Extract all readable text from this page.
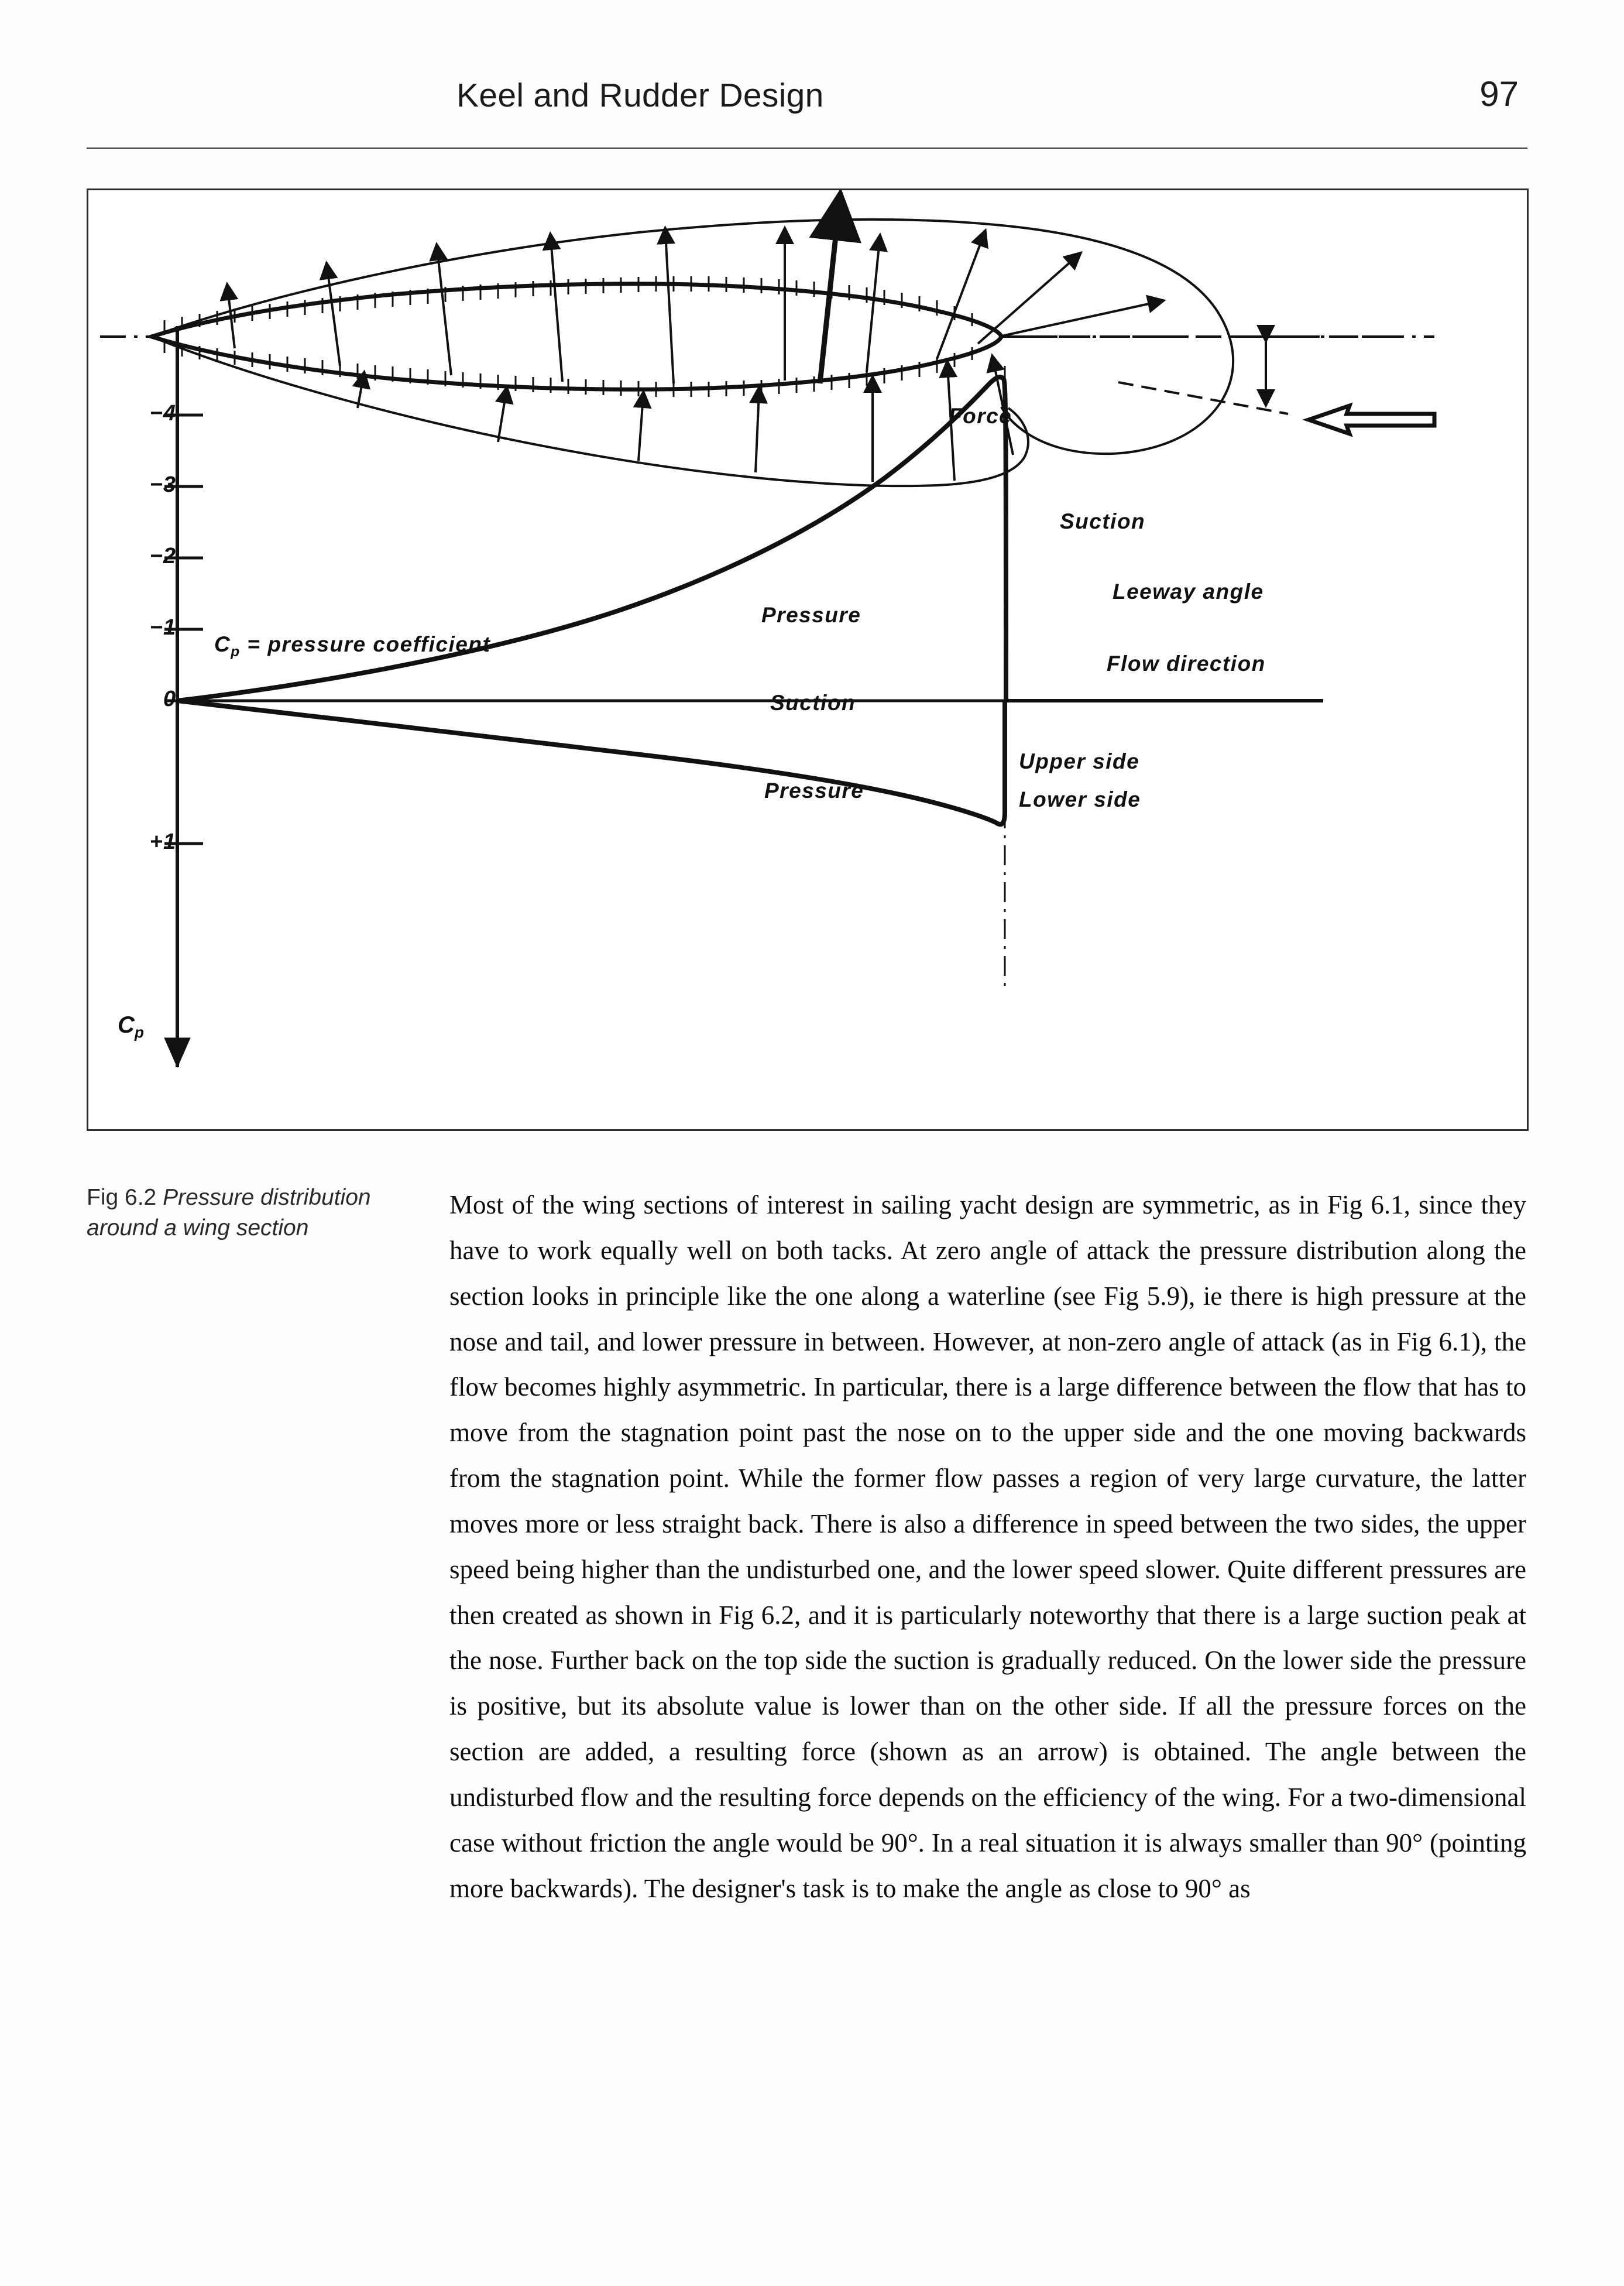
Keel and Rudder Design	97
−4
−3
−2
−1
0
+1
$C_p$
$C_p$ = pressure coefficient
Force
Suction
Pressure
Leeway angle
Flow direction
Suction
Pressure
Upper side
Lower side
Fig 6.2 Pressure distribution around a wing section

Most of the wing sections of interest in sailing yacht design are symmetric, as in Fig 6.1, since they have to work equally well on both tacks. At zero angle of attack the pressure distribution along the section looks in principle like the one along a waterline (see Fig 5.9), ie there is high pressure at the nose and tail, and lower pressure in between. However, at non-zero angle of attack (as in Fig 6.1), the flow becomes highly asymmetric. In particular, there is a large difference between the flow that has to move from the stagnation point past the nose on to the upper side and the one moving backwards from the stagnation point. While the former flow passes a region of very large curvature, the latter moves more or less straight back. There is also a difference in speed between the two sides, the upper speed being higher than the undisturbed one, and the lower speed slower. Quite different pressures are then created as shown in Fig 6.2, and it is particularly noteworthy that there is a large suction peak at the nose. Further back on the top side the suction is gradually reduced. On the lower side the pressure is positive, but its absolute value is lower than on the other side. If all the pressure forces on the section are added, a resulting force (shown as an arrow) is obtained. The angle between the undisturbed flow and the resulting force depends on the efficiency of the wing. For a two-dimensional case without friction the angle would be 90°. In a real situation it is always smaller than 90° (pointing more backwards). The designer's task is to make the angle as close to 90° as
